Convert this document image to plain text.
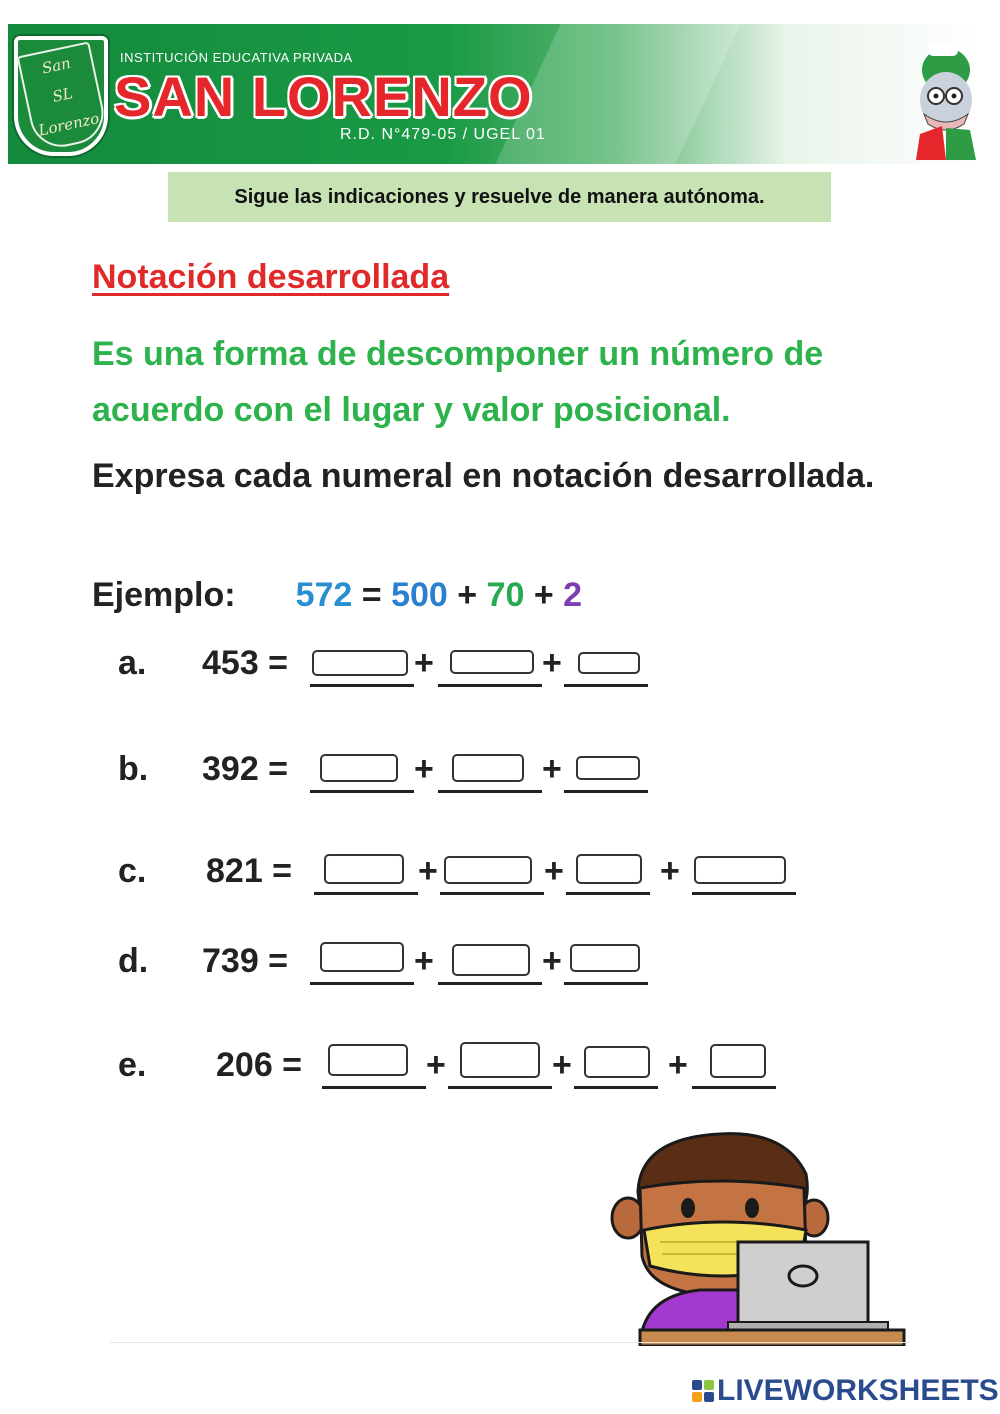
San
SL
Lorenzo
INSTITUCIÓN EDUCATIVA PRIVADA
SAN LORENZO
R.D. N°479-05 / UGEL 01
Sigue las indicaciones y resuelve de manera autónoma.
Notación desarrollada
Es una forma de descomponer un número de acuerdo con el lugar y valor posicional.
Expresa cada numeral en notación desarrollada.
Ejemplo: 572 = 500 + 70 + 2
a. 453 =	+	+
b. 392 =	+	+
c. 821 =	+	+	+
d. 739 =	+	+
e. 206 =	+	+	+
LIVEWORKSHEETS
